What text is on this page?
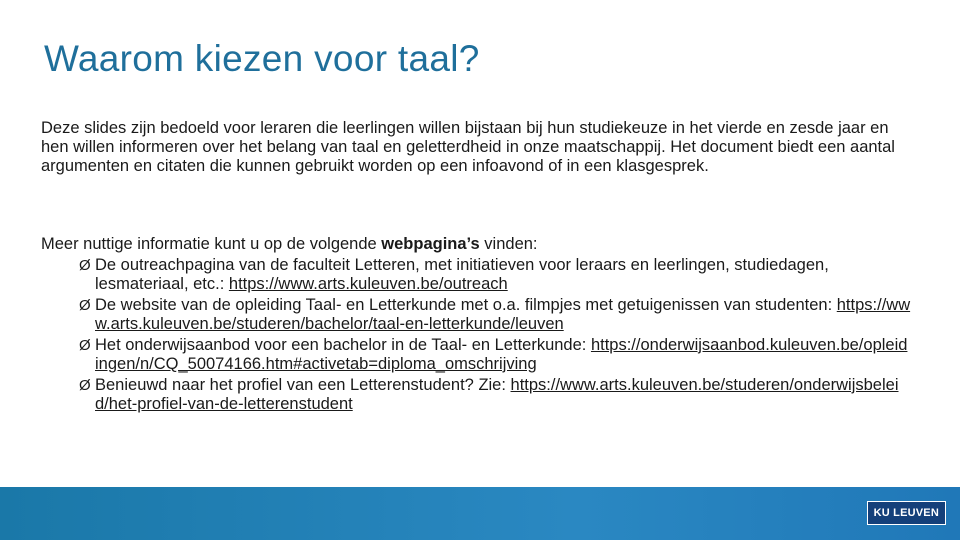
Waarom kiezen voor taal?

Deze slides zijn bedoeld voor leraren die leerlingen willen bijstaan bij hun studiekeuze in het vierde en zesde jaar en hen willen informeren over het belang van taal en geletterdheid in onze maatschappij. Het document biedt een aantal argumenten en citaten die kunnen gebruikt worden op een infoavond of in een klasgesprek.

Meer nuttige informatie kunt u op de volgende webpagina’s vinden:

Ø De outreachpagina van de faculteit Letteren, met initiatieven voor leraars en leerlingen, studiedagen, lesmateriaal, etc.: https://www.arts.kuleuven.be/outreach
Ø De website van de opleiding Taal- en Letterkunde met o.a. filmpjes met getuigenissen van studenten: https://www.arts.kuleuven.be/studeren/bachelor/taal-en-letterkunde/leuven
Ø Het onderwijsaanbod voor een bachelor in de Taal- en Letterkunde: https://onderwijsaanbod.kuleuven.be/opleidingen/n/CQ_50074166.htm#activetab=diploma_omschrijving
Ø Benieuwd naar het profiel van een Letterenstudent? Zie: https://www.arts.kuleuven.be/studeren/onderwijsbeleid/het-profiel-van-de-letterenstudent
KU LEUVEN
